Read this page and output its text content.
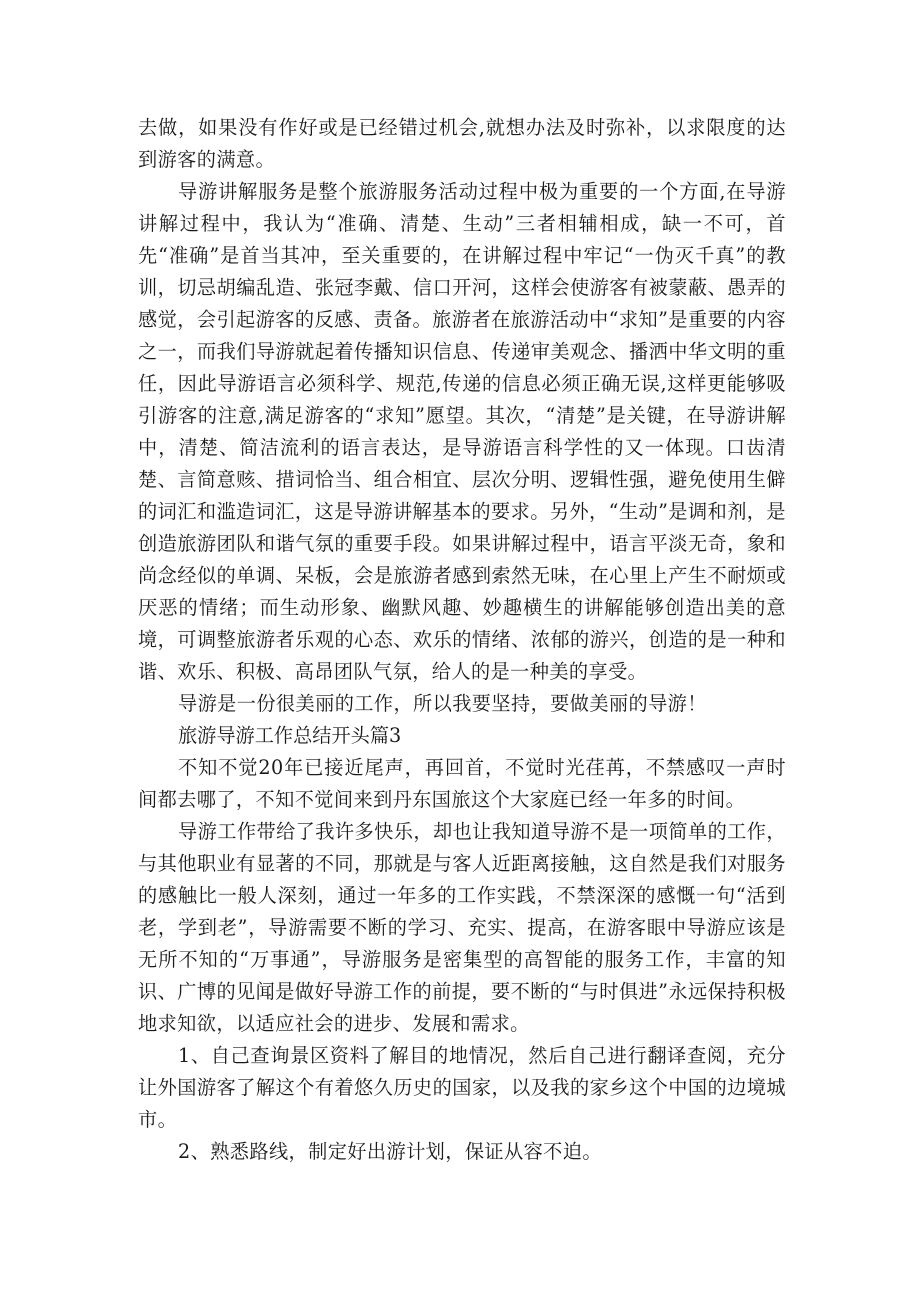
去做，如果没有作好或是已经错过机会,就想办法及时弥补，以求限度的达到游客的满意。

导游讲解服务是整个旅游服务活动过程中极为重要的一个方面,在导游讲解过程中，我认为“准确、清楚、生动”三者相辅相成，缺一不可，首先“准确”是首当其冲，至关重要的，在讲解过程中牢记“一伪灭千真”的教训，切忌胡编乱造、张冠李戴、信口开河，这样会使游客有被蒙蔽、愚弄的感觉，会引起游客的反感、责备。旅游者在旅游活动中“求知”是重要的内容之一，而我们导游就起着传播知识信息、传递审美观念、播洒中华文明的重任，因此导游语言必须科学、规范,传递的信息必须正确无误,这样更能够吸引游客的注意,满足游客的“求知”愿望。其次，“清楚”是关键，在导游讲解中，清楚、简洁流利的语言表达，是导游语言科学性的又一体现。口齿清楚、言简意赅、措词恰当、组合相宜、层次分明、逻辑性强，避免使用生僻的词汇和滥造词汇，这是导游讲解基本的要求。另外，“生动”是调和剂，是创造旅游团队和谐气氛的重要手段。如果讲解过程中，语言平淡无奇，象和尚念经似的单调、呆板，会是旅游者感到索然无味，在心里上产生不耐烦或厌恶的情绪；而生动形象、幽默风趣、妙趣横生的讲解能够创造出美的意境，可调整旅游者乐观的心态、欢乐的情绪、浓郁的游兴，创造的是一种和谐、欢乐、积极、高昂团队气氛，给人的是一种美的享受。

导游是一份很美丽的工作，所以我要坚持，要做美丽的导游！

旅游导游工作总结开头篇3

不知不觉20年已接近尾声，再回首，不觉时光荏苒，不禁感叹一声时间都去哪了，不知不觉间来到丹东国旅这个大家庭已经一年多的时间。

导游工作带给了我许多快乐，却也让我知道导游不是一项简单的工作，与其他职业有显著的不同，那就是与客人近距离接触，这自然是我们对服务的感触比一般人深刻，通过一年多的工作实践，不禁深深的感慨一句“活到老，学到老”，导游需要不断的学习、充实、提高，在游客眼中导游应该是无所不知的“万事通”，导游服务是密集型的高智能的服务工作，丰富的知识、广博的见闻是做好导游工作的前提，要不断的“与时俱进”永远保持积极地求知欲，以适应社会的进步、发展和需求。

1、自己查询景区资料了解目的地情况，然后自己进行翻译查阅，充分让外国游客了解这个有着悠久历史的国家，以及我的家乡这个中国的边境城市。

2、熟悉路线，制定好出游计划，保证从容不迫。
